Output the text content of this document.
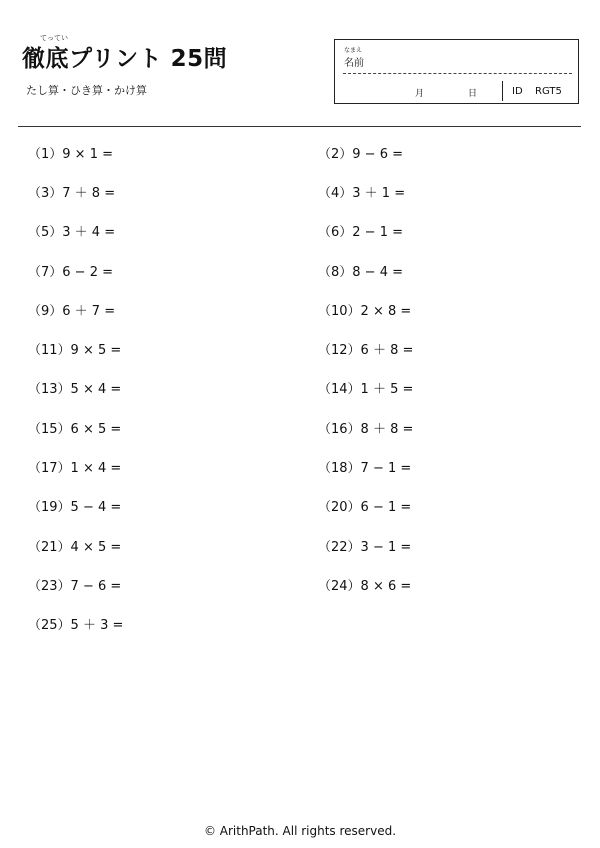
てってい
徹底プリント 25問
たし算・ひき算・かけ算
なまえ
名前
月	日	ID RGT5
（1）9 × 1 =	（2）9 − 6 =
（3）7 ＋ 8 =	（4）3 ＋ 1 =
（5）3 ＋ 4 =	（6）2 − 1 =
（7）6 − 2 =	（8）8 − 4 =
（9）6 ＋ 7 =	（10）2 × 8 =
（11）9 × 5 =	（12）6 ＋ 8 =
（13）5 × 4 =	（14）1 ＋ 5 =
（15）6 × 5 =	（16）8 ＋ 8 =
（17）1 × 4 =	（18）7 − 1 =
（19）5 − 4 =	（20）6 − 1 =
（21）4 × 5 =	（22）3 − 1 =
（23）7 − 6 =	（24）8 × 6 =
（25）5 ＋ 3 =
© ArithPath. All rights reserved.
